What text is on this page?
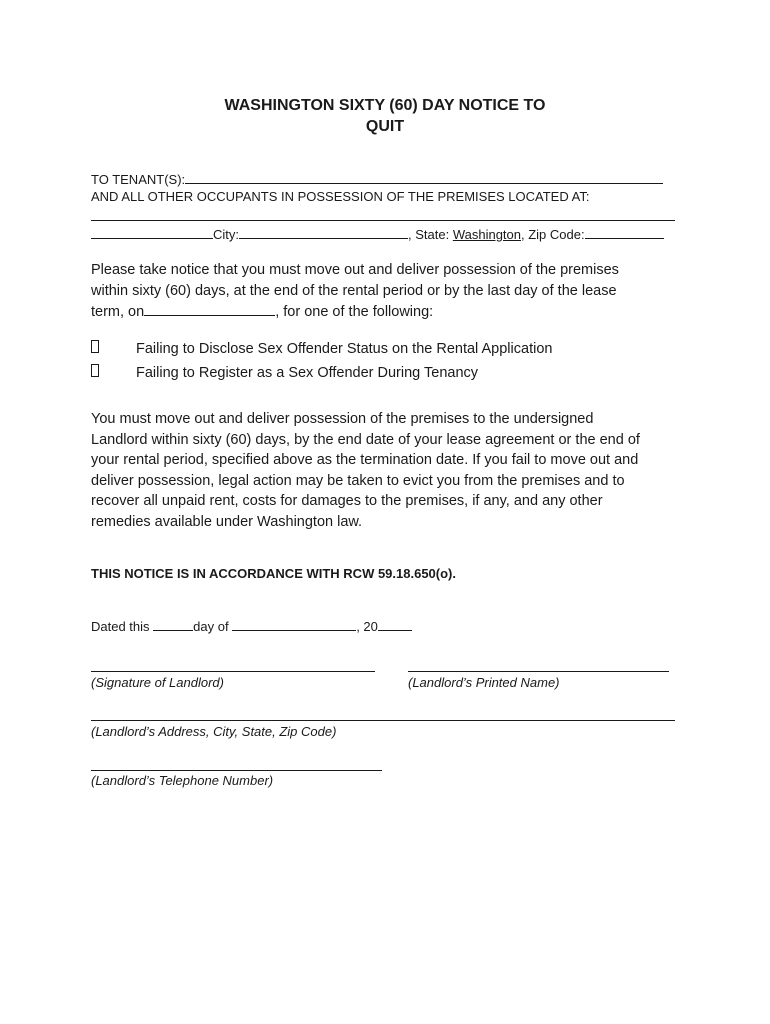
WASHINGTON SIXTY (60) DAY NOTICE TO
QUIT
TO TENANT(S):
AND ALL OTHER OCCUPANTS IN POSSESSION OF THE PREMISES LOCATED AT:
City:	, State: Washington, Zip Code:
Please take notice that you must move out and deliver possession of the premises
within sixty (60) days, at the end of the rental period or by the last day of the lease
term, on	, for one of the following:
Failing to Disclose Sex Offender Status on the Rental Application
Failing to Register as a Sex Offender During Tenancy
You must move out and deliver possession of the premises to the undersigned
Landlord within sixty (60) days, by the end date of your lease agreement or the end of
your rental period, specified above as the termination date. If you fail to move out and
deliver possession, legal action may be taken to evict you from the premises and to
recover all unpaid rent, costs for damages to the premises, if any, and any other
remedies available under Washington law.
THIS NOTICE IS IN ACCORDANCE WITH RCW 59.18.650(o).
Dated this	day of	, 20
(Signature of Landlord)	(Landlord’s Printed Name)
(Landlord’s Address, City, State, Zip Code)
(Landlord’s Telephone Number)
